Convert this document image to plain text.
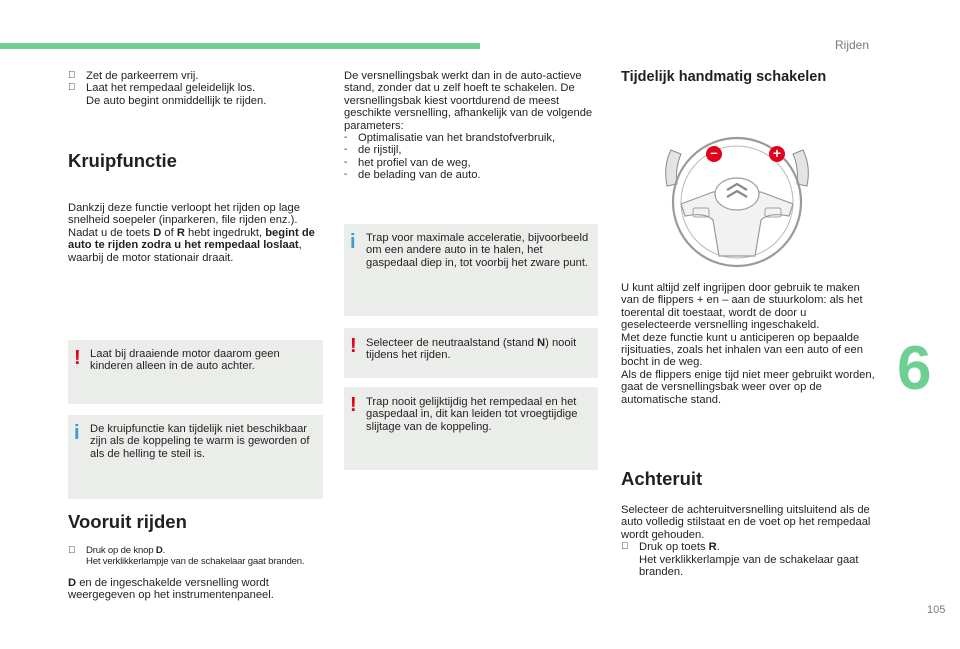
Rijden
6
105
Zet de parkeerrem vrij.
Laat het rempedaal geleidelijk los.
De auto begint onmiddellijk te rijden.
Kruipfunctie
Dankzij deze functie verloopt het rijden op lage snelheid soepeler (inparkeren, file rijden enz.).
Nadat u de toets D of R hebt ingedrukt, begint de auto te rijden zodra u het rempedaal loslaat, waarbij de motor stationair draait.
! Laat bij draaiende motor daarom geen kinderen alleen in de auto achter.
i De kruipfunctie kan tijdelijk niet beschikbaar zijn als de koppeling te warm is geworden of als de helling te steil is.
Vooruit rijden
Druk op de knop D.
Het verklikkerlampje van de schakelaar gaat branden.
D en de ingeschakelde versnelling wordt weergegeven op het instrumentenpaneel.
De versnellingsbak werkt dan in de auto-actieve stand, zonder dat u zelf hoeft te schakelen. De versnellingsbak kiest voortdurend de meest geschikte versnelling, afhankelijk van de volgende parameters:
- Optimalisatie van het brandstofverbruik,
- de rijstijl,
- het profiel van de weg,
- de belading van de auto.
i Trap voor maximale acceleratie, bijvoorbeeld om een andere auto in te halen, het gaspedaal diep in, tot voorbij het zware punt.
! Selecteer de neutraalstand (stand N) nooit tijdens het rijden.
! Trap nooit gelijktijdig het rempedaal en het gaspedaal in, dit kan leiden tot vroegtijdige slijtage van de koppeling.
Tijdelijk handmatig schakelen
–	+
U kunt altijd zelf ingrijpen door gebruik te maken van de flippers + en – aan de stuurkolom: als het toerental dit toestaat, wordt de door u geselecteerde versnelling ingeschakeld.
Met deze functie kunt u anticiperen op bepaalde rijsituaties, zoals het inhalen van een auto of een bocht in de weg.
Als de flippers enige tijd niet meer gebruikt worden, gaat de versnellingsbak weer over op de automatische stand.
Achteruit
Selecteer de achteruitversnelling uitsluitend als de auto volledig stilstaat en de voet op het rempedaal wordt gehouden.
Druk op toets R.
Het verklikkerlampje van de schakelaar gaat branden.
